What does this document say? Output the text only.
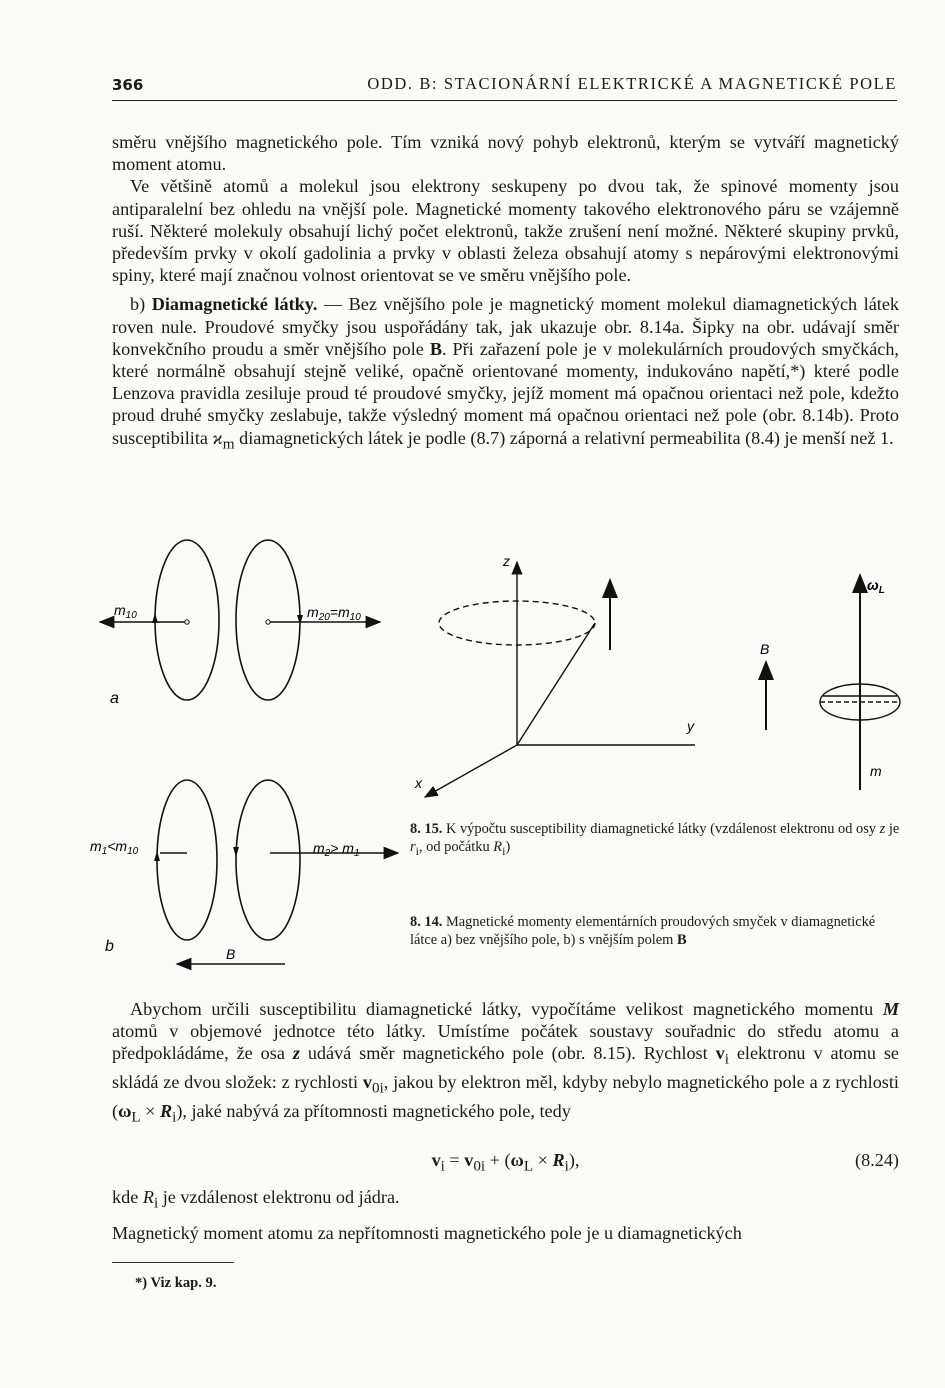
366	ODD. B: STACIONÁRNÍ ELEKTRICKÉ A MAGNETICKÉ POLE

směru vnějšího magnetického pole. Tím vzniká nový pohyb elektronů, kterým se vytváří magnetický moment atomu.

Ve většině atomů a molekul jsou elektrony seskupeny po dvou tak, že spinové momenty jsou antiparalelní bez ohledu na vnější pole. Magnetické momenty takového elektronového páru se vzájemně ruší. Některé molekuly obsahují lichý počet elektronů, takže zrušení není možné. Některé skupiny prvků, především prvky v okolí gadolinia a prvky v oblasti železa obsahují atomy s nepárovými elektronovými spiny, které mají značnou volnost orientovat se ve směru vnějšího pole.

b) Diamagnetické látky. — Bez vnějšího pole je magnetický moment molekul diamagnetických látek roven nule. Proudové smyčky jsou uspořádány tak, jak ukazuje obr. 8.14a. Šipky na obr. udávají směr konvekčního proudu a směr vnějšího pole B. Při zařazení pole je v molekulárních proudových smyčkách, které normálně obsahují stejně veliké, opačně orientované momenty, indukováno napětí,*) které podle Lenzova pravidla zesiluje proud té proudové smyčky, jejíž moment má opačnou orientaci než pole, kdežto proud druhé smyčky zeslabuje, takže výsledný moment má opačnou orientaci než pole (obr. 8.14b). Proto susceptibilita $ϰ_m$ diamagnetických látek je podle (8.7) záporná a relativní permeabilita (8.4) je menší než 1.

$m_{10}$	$m_{20}=m_{10}$
a
$m_1<m_{10}$	$m_2> m_1$
b	B
z
y
x
B
$\omega_L$
m
8. 15. K výpočtu susceptibility diamagnetické látky (vzdálenost elektronu od osy z je $r_i$, od počátku $R_i$)
8. 14. Magnetické momenty elementárních proudových smyček v diamagnetické látce a) bez vnějšího pole, b) s vnějším polem B

Abychom určili susceptibilitu diamagnetické látky, vypočítáme velikost magnetického momentu M atomů v objemové jednotce této látky. Umístíme počátek soustavy souřadnic do středu atomu a předpokládáme, že osa z udává směr magnetického pole (obr. 8.15). Rychlost $v_i$ elektronu v atomu se skládá ze dvou složek: z rychlosti $v_{0i}$, jakou by elektron měl, kdyby nebylo magnetického pole a z rychlosti $(\omega_L \times R_i)$, jaké nabývá za přítomnosti magnetického pole, tedy

$v_i = v_{0i} + (\omega_L \times R_i)$,	(8.24)

kde $R_i$ je vzdálenost elektronu od jádra.

Magnetický moment atomu za nepřítomnosti magnetického pole je u diamagnetických

*) Viz kap. 9.
